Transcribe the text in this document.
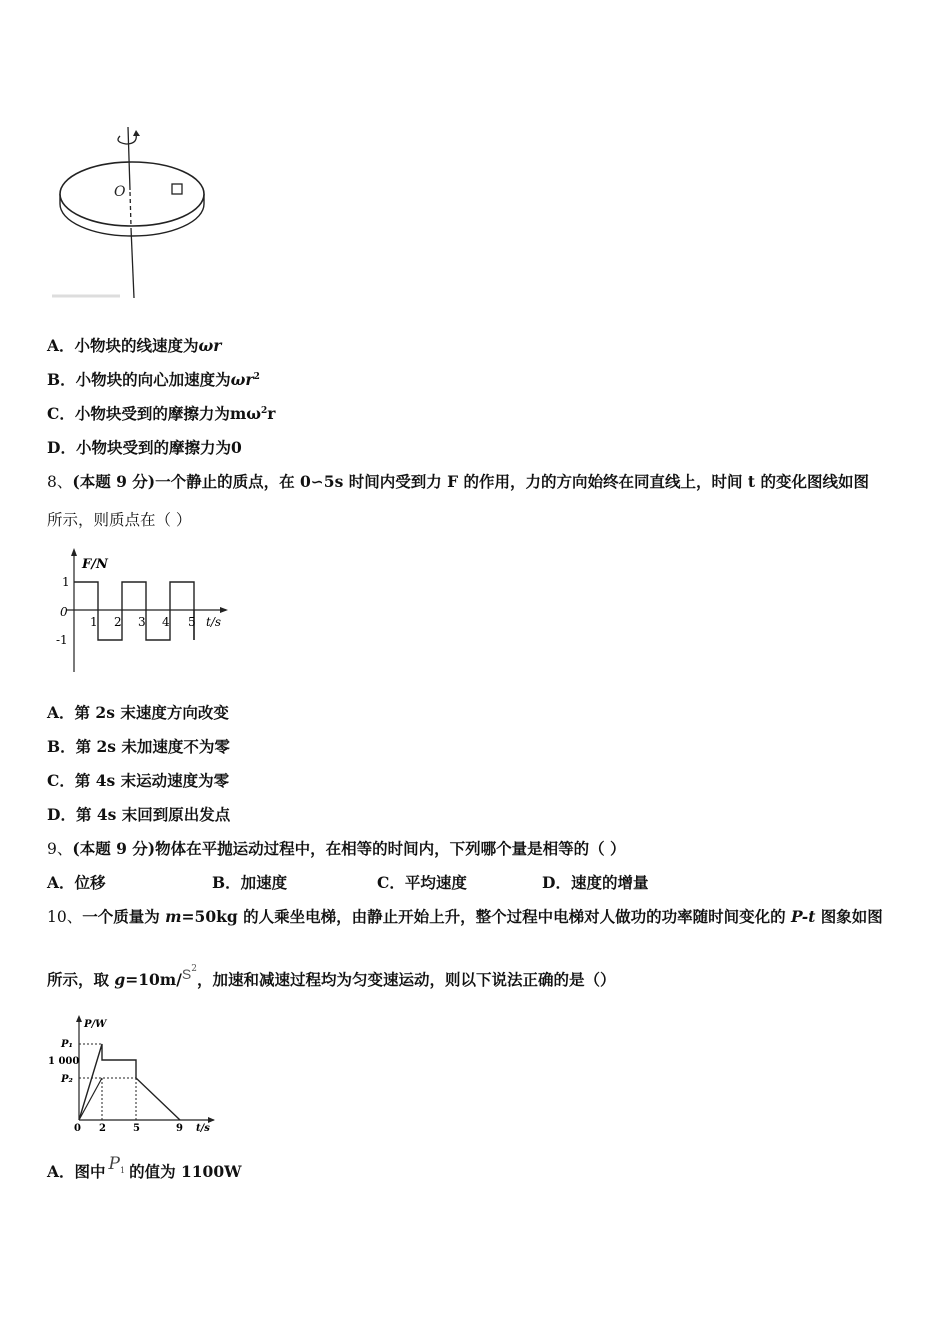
O
A．小物块的线速度为ωr
B．小物块的向心加速度为$\omega r^2$
C．小物块受到的摩擦力为$m\omega^2r$
D．小物块受到的摩擦力为0
8、(本题 9 分)一个静止的质点，在 0∽5s 时间内受到力 F 的作用，力的方向始终在同直线上，时间 t 的变化图线如图
所示，则质点在（ ）
F/N
t/s
1
0
-1
1 2 3 4 5
A．第 2s 末速度方向改变
B．第 2s 未加速度不为零
C．第 4s 末运动速度为零
D．第 4s 末回到原出发点
9、(本题 9 分)物体在平抛运动过程中，在相等的时间内，下列哪个量是相等的（ ）
A．位移	B．加速度	C．平均速度	D．速度的增量
10、一个质量为 m=50kg 的人乘坐电梯，由静止开始上升，整个过程中电梯对人做功的功率随时间变化的 P-t 图象如图
所示，取 $g=10m/S^2$，加速和减速过程均为匀变速运动，则以下说法正确的是（）
P/W
t/s
P₁
1 000
P₂
0 2	5	9
A．图中 $P^1$ 的值为 1100W
